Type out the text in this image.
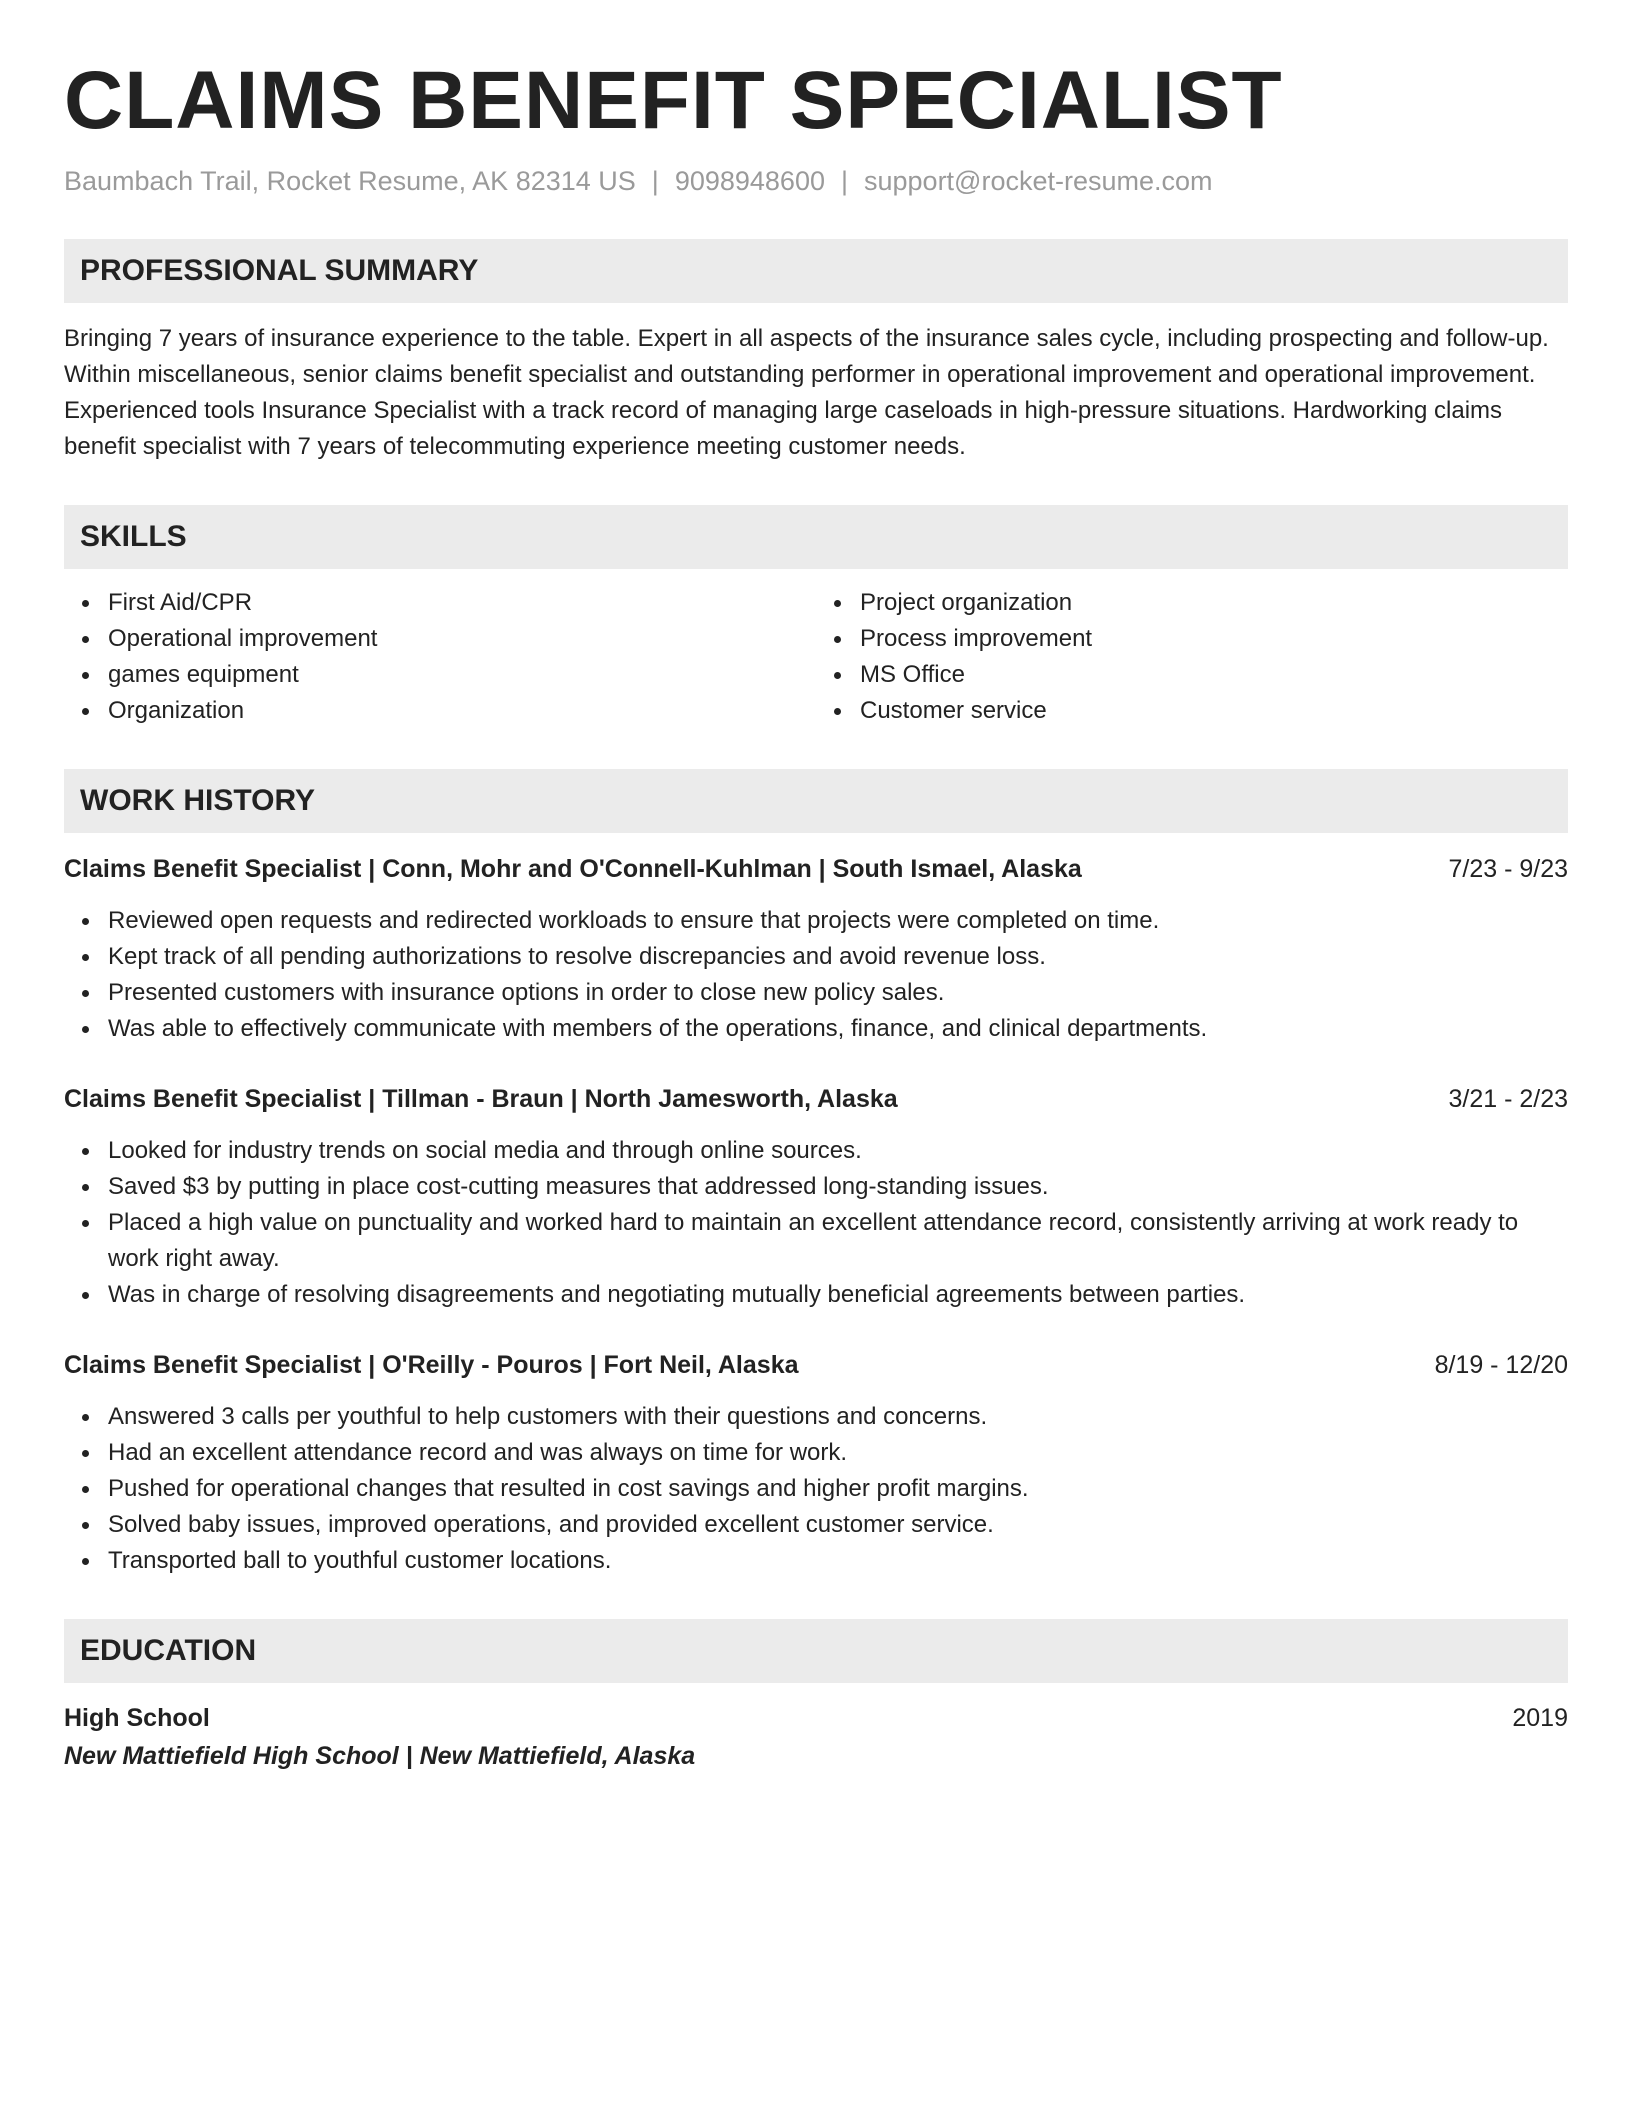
CLAIMS BENEFIT SPECIALIST
Baumbach Trail, Rocket Resume, AK 82314 US | 9098948600 | support@rocket-resume.com
PROFESSIONAL SUMMARY
Bringing 7 years of insurance experience to the table. Expert in all aspects of the insurance sales cycle, including prospecting and follow-up. Within miscellaneous, senior claims benefit specialist and outstanding performer in operational improvement and operational improvement. Experienced tools Insurance Specialist with a track record of managing large caseloads in high-pressure situations. Hardworking claims benefit specialist with 7 years of telecommuting experience meeting customer needs.
SKILLS
First Aid/CPR
Operational improvement
games equipment
Organization
Project organization
Process improvement
MS Office
Customer service
WORK HISTORY
Claims Benefit Specialist | Conn, Mohr and O'Connell-Kuhlman | South Ismael, Alaska	7/23 - 9/23
Reviewed open requests and redirected workloads to ensure that projects were completed on time.
Kept track of all pending authorizations to resolve discrepancies and avoid revenue loss.
Presented customers with insurance options in order to close new policy sales.
Was able to effectively communicate with members of the operations, finance, and clinical departments.
Claims Benefit Specialist | Tillman - Braun | North Jamesworth, Alaska	3/21 - 2/23
Looked for industry trends on social media and through online sources.
Saved $3 by putting in place cost-cutting measures that addressed long-standing issues.
Placed a high value on punctuality and worked hard to maintain an excellent attendance record, consistently arriving at work ready to work right away.
Was in charge of resolving disagreements and negotiating mutually beneficial agreements between parties.
Claims Benefit Specialist | O'Reilly - Pouros | Fort Neil, Alaska	8/19 - 12/20
Answered 3 calls per youthful to help customers with their questions and concerns.
Had an excellent attendance record and was always on time for work.
Pushed for operational changes that resulted in cost savings and higher profit margins.
Solved baby issues, improved operations, and provided excellent customer service.
Transported ball to youthful customer locations.
EDUCATION
High School	2019
New Mattiefield High School | New Mattiefield, Alaska
